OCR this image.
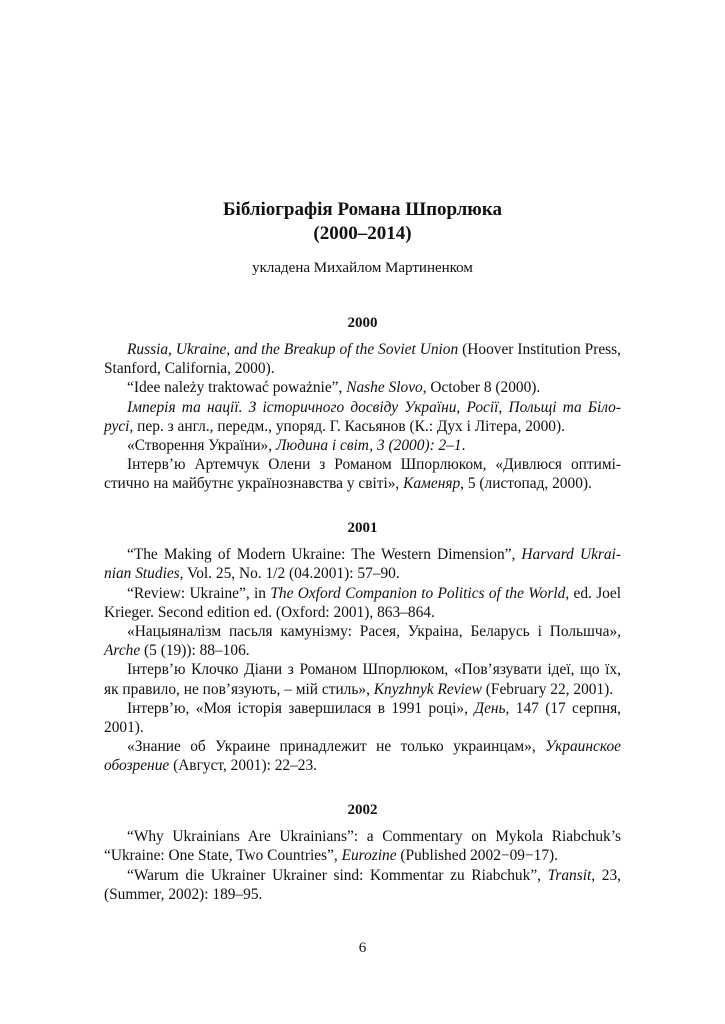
Бібліографія Романа Шпорлюка
(2000–2014)
укладена Михайлом Мартиненком
2000
Russia, Ukraine, and the Breakup of the Soviet Union (Hoover Institution Press,
Stanford, California, 2000).
“Idee należy traktować poważnie”, Nashe Slovo, October 8 (2000).
Імперія та нації. З історичного досвіду України, Росії, Польщі та Біло-
русі, пер. з англ., передм., упоряд. Г. Касьянов (К.: Дух і Літера, 2000).
«Створення України», Людина і світ, 3 (2000): 2–1.
Інтерв’ю Артемчук Олени з Романом Шпорлюком, «Дивлюся оптимі-
стично на майбутнє українознавства у світі», Каменяр, 5 (листопад, 2000).
2001
“The Making of Modern Ukraine: The Western Dimension”, Harvard Ukrai-
nian Studies, Vol. 25, No. 1/2 (04.2001): 57–90.
“Review: Ukraine”, in The Oxford Companion to Politics of the World, ed. Joel
Krieger. Second edition ed. (Oxford: 2001), 863–864.
«Нацыяналізм пасьля камунізму: Расея, Украіна, Беларусь і Польшча»,
Arche (5 (19)): 88–106.
Інтерв’ю Клочко Діани з Романом Шпорлюком, «Пов’язувати ідеї, що їх,
як правило, не пов’язують, – мій стиль», Knyzhnyk Review (February 22, 2001).
Інтерв’ю, «Моя історія завершилася в 1991 році», День, 147 (17 серпня,
2001).
«Знание об Украине принадлежит не только украинцам», Украинское
обозрение (Август, 2001): 22–23.
2002
“Why Ukrainians Are Ukrainians”: a Commentary on Mykola Riabchuk’s
“Ukraine: One State, Two Countries”, Eurozine (Published 2002−09−17).
“Warum die Ukrainer Ukrainer sind: Kommentar zu Riabchuk”, Transit, 23,
(Summer, 2002): 189–95.
6
